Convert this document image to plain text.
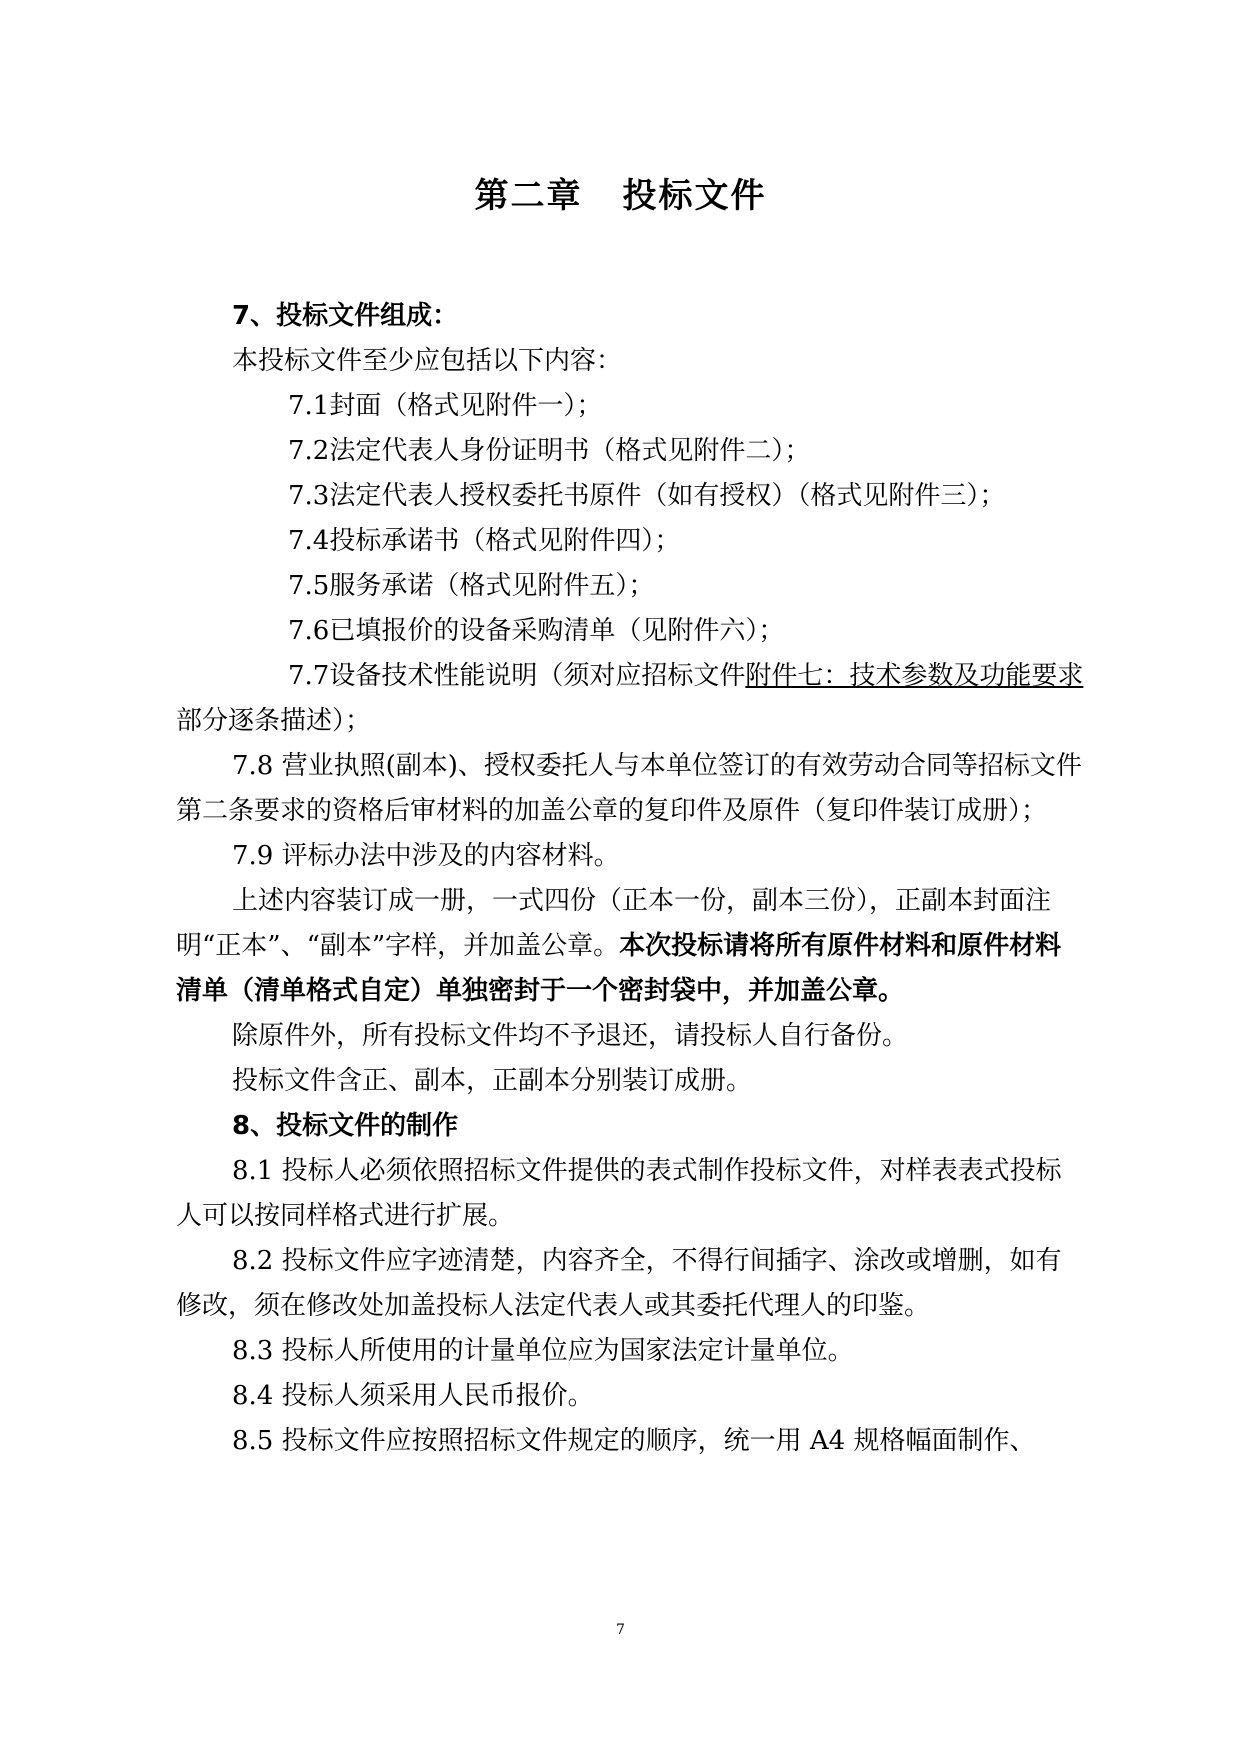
第二章 投标文件

7、投标文件组成：

本投标文件至少应包括以下内容：

7.1封面（格式见附件一）；

7.2法定代表人身份证明书（格式见附件二）；

7.3法定代表人授权委托书原件（如有授权）（格式见附件三）；

7.4投标承诺书（格式见附件四）；

7.5服务承诺（格式见附件五）；

7.6已填报价的设备采购清单（见附件六）；

7.7设备技术性能说明（须对应招标文件附件七：技术参数及功能要求部分逐条描述）；

7.8 营业执照(副本)、授权委托人与本单位签订的有效劳动合同等招标文件第二条要求的资格后审材料的加盖公章的复印件及原件（复印件装订成册）；

7.9 评标办法中涉及的内容材料。

上述内容装订成一册，一式四份（正本一份，副本三份），正副本封面注明“正本”、“副本”字样，并加盖公章。本次投标请将所有原件材料和原件材料清单（清单格式自定）单独密封于一个密封袋中，并加盖公章。

除原件外，所有投标文件均不予退还，请投标人自行备份。

投标文件含正、副本，正副本分别装订成册。

8、投标文件的制作

8.1 投标人必须依照招标文件提供的表式制作投标文件，对样表表式投标人可以按同样格式进行扩展。

8.2 投标文件应字迹清楚，内容齐全，不得行间插字、涂改或增删，如有修改，须在修改处加盖投标人法定代表人或其委托代理人的印鉴。

8.3 投标人所使用的计量单位应为国家法定计量单位。

8.4 投标人须采用人民币报价。

8.5 投标文件应按照招标文件规定的顺序，统一用 A4 规格幅面制作、

7
